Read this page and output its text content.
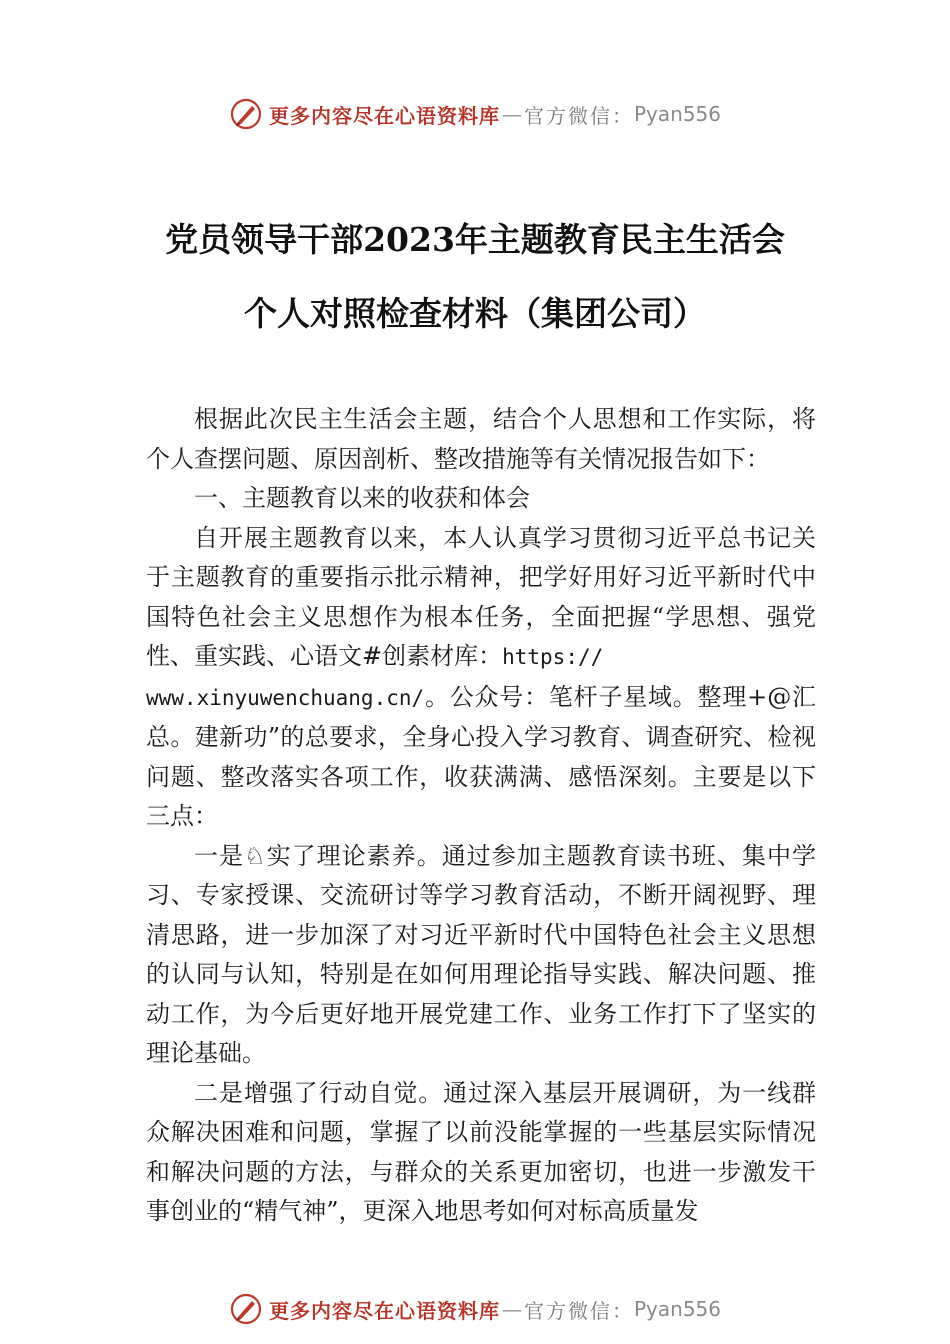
更多内容尽在心语资料库 — 官方微信： Pyan556
党员领导干部2023年主题教育民主生活会
个人对照检查材料（集团公司）

根据此次民主生活会主题，结合个人思想和工作实际，将个人查摆问题、原因剖析、整改措施等有关情况报告如下：

一、主题教育以来的收获和体会

自开展主题教育以来，本人认真学习贯彻习近平总书记关于主题教育的重要指示批示精神，把学好用好习近平新时代中国特色社会主义思想作为根本任务，全面把握“学思想、强党性、重实践、心语文#创素材库：https://
www.xinyuwenchuang.cn/。公众号：笔杆子星域。整理+@汇总。建新功”的总要求，全身心投入学习教育、调查研究、检视问题、整改落实各项工作，收获满满、感悟深刻。主要是以下三点：

一是♘实了理论素养。通过参加主题教育读书班、集中学习、专家授课、交流研讨等学习教育活动，不断开阔视野、理清思路，进一步加深了对习近平新时代中国特色社会主义思想的认同与认知，特别是在如何用理论指导实践、解决问题、推动工作，为今后更好地开展党建工作、业务工作打下了坚实的理论基础。

二是增强了行动自觉。通过深入基层开展调研，为一线群众解决困难和问题，掌握了以前没能掌握的一些基层实际情况和解决问题的方法，与群众的关系更加密切，也进一步激发干事创业的“精气神”，更深入地思考如何对标高质量发

更多内容尽在心语资料库 — 官方微信： Pyan556
